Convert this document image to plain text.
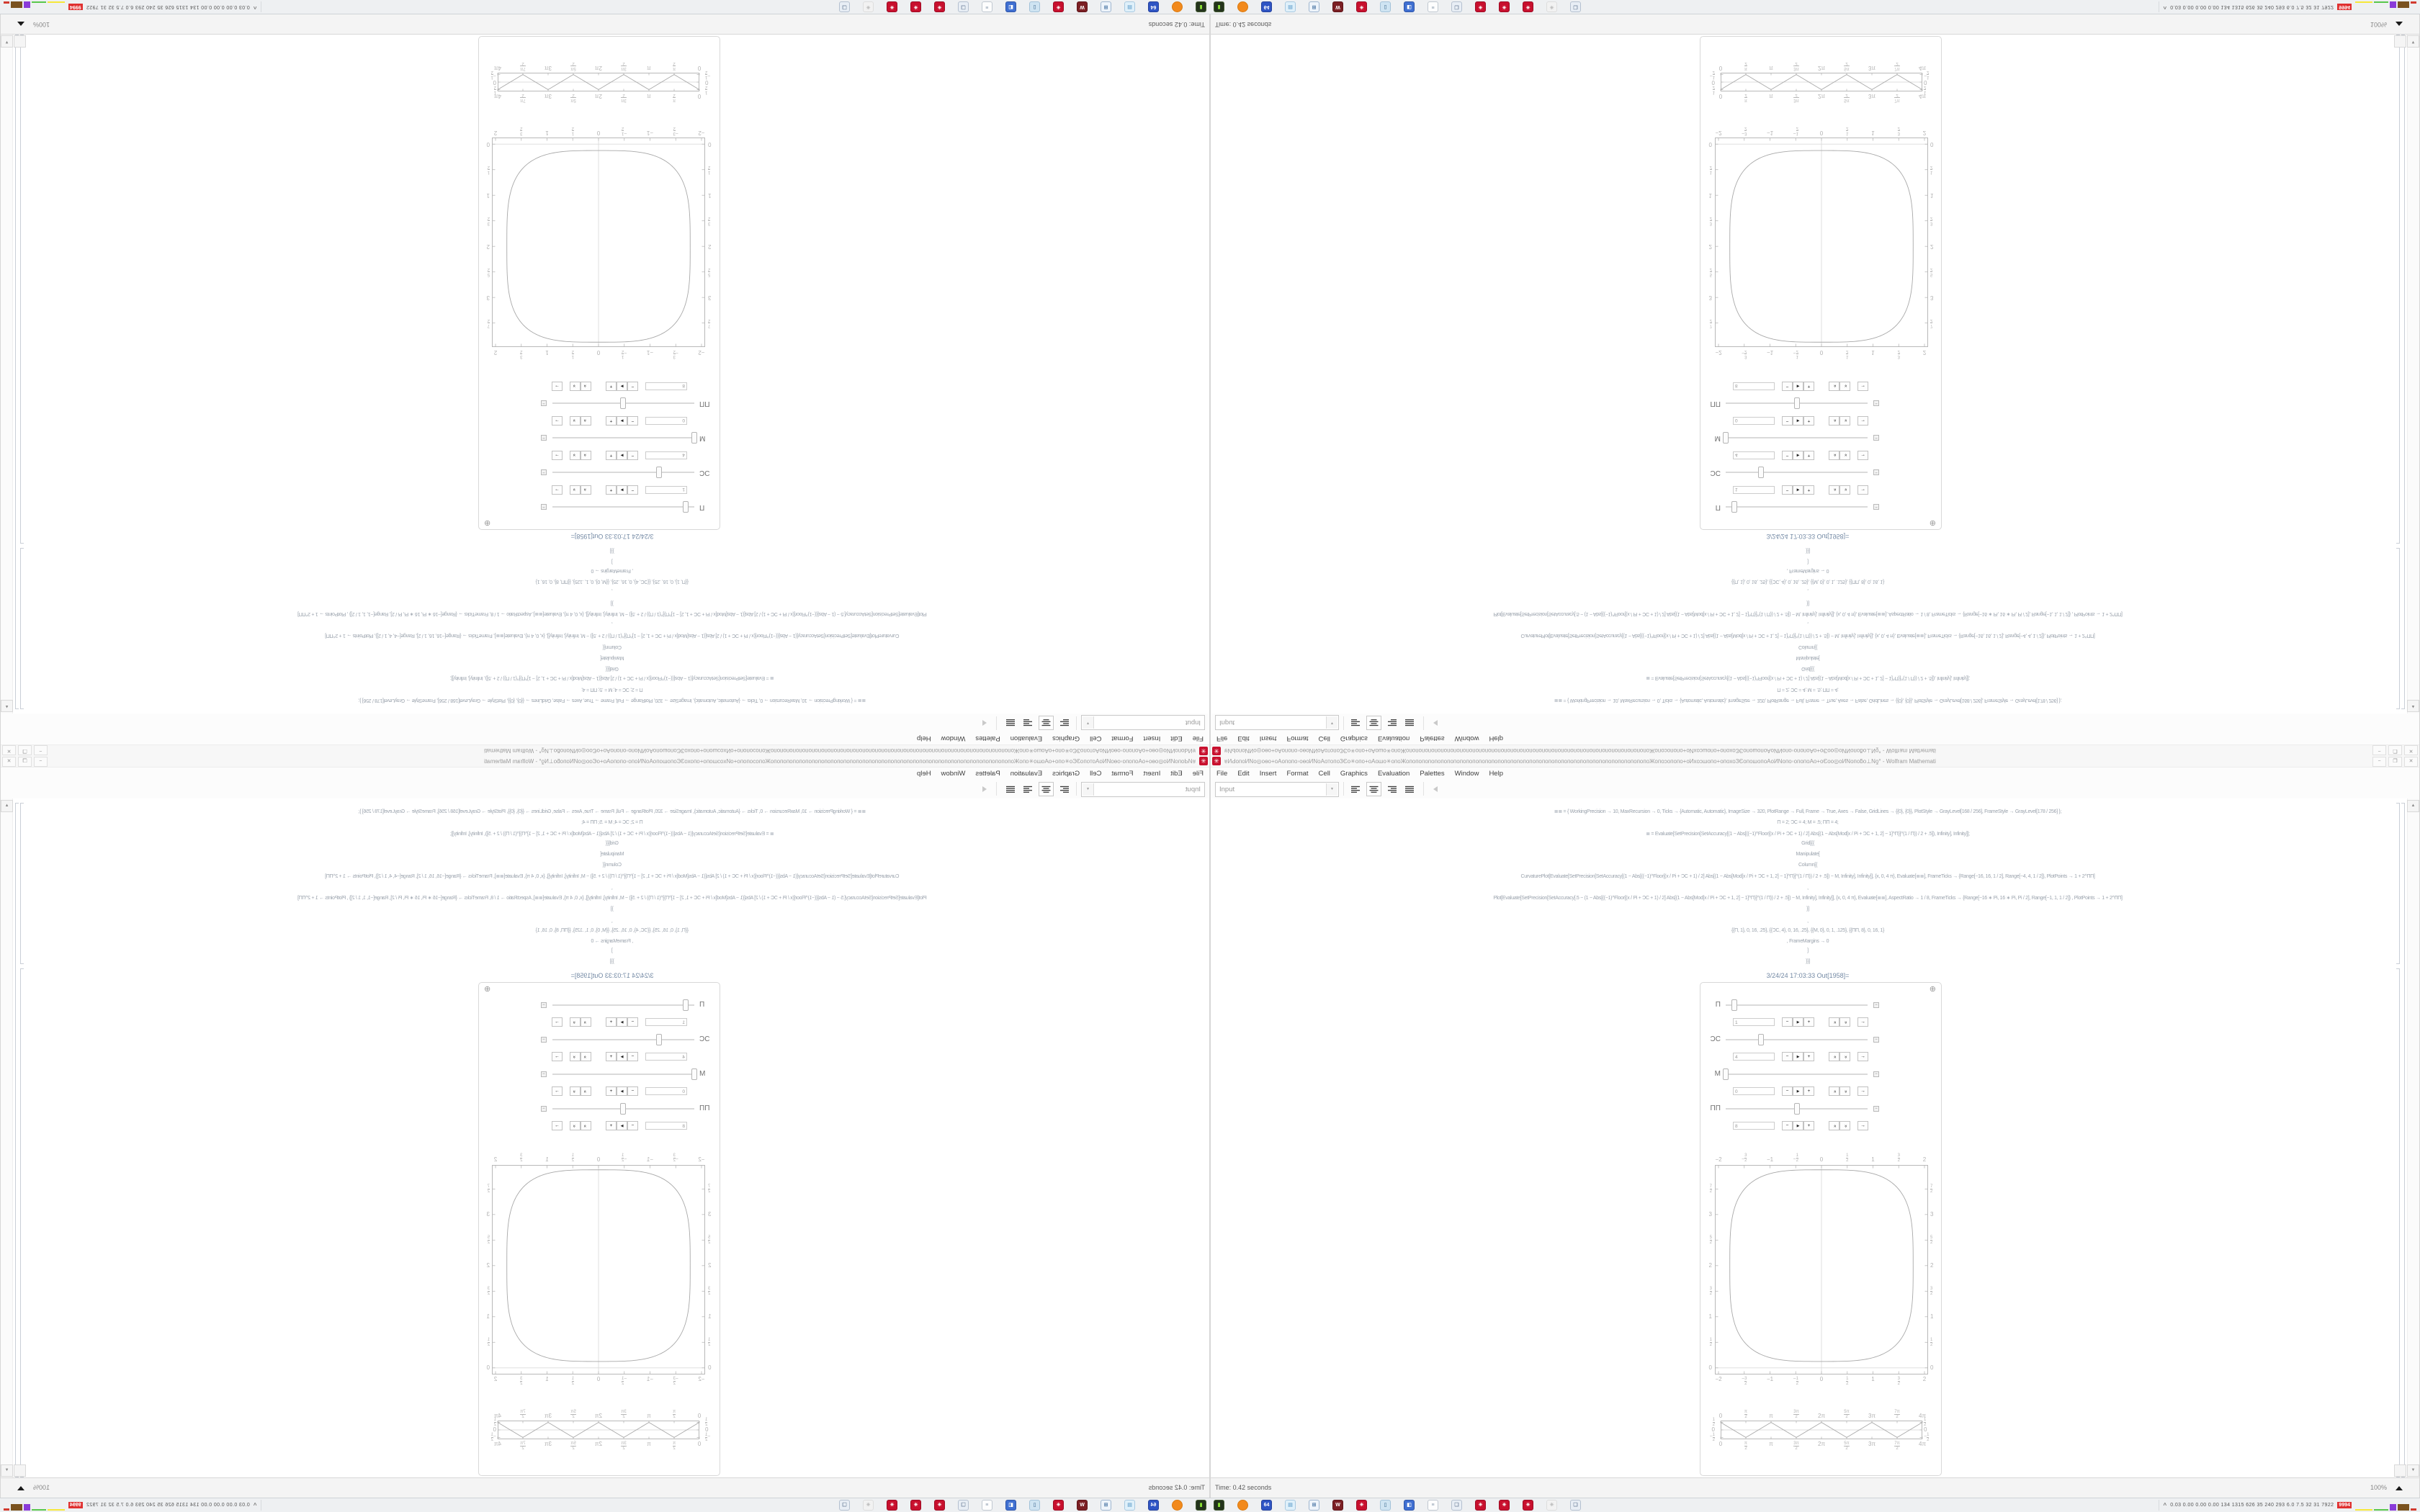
✳
ɐИԀопоИNо◎оѳо+оАопопо◦оѳоИNоАотопоЗЄо✳опо+оАошо✳опоЖопопопопопопопопопопопопопопопопопопопопопопопопопопопопопопопопопопопопопопоЖопоɔопопо+оИхоɔшопо+опохоЗЄопошопоАоИNопо◦опопоАо+оЄоо◎оИNопоƃо⊥Nƍ° - Wolfram Mathemati
−
❐
✕
File
Edit
Insert
Format
Cell
Graphics
Evaluation
Palettes
Window
Help
Input
▼
≣≣ = { WorkingPrecision → 10, MaxRecursion → 0, Ticks → {Automatic, Automatic}, ImageSize → 320, PlotRange → Full, Frame → True, Axes → False, GridLines → {{0}, {0}}, PlotStyle → GrayLevel[168 / 256], FrameStyle → GrayLevel[178 / 256] };
Π = 2; ƆC = 4; M = .5; ΠΠ = 4;
≣ = Evaluate[SetPrecision[SetAccuracy[(1 − Abs[((−1)^Floor[(x / Pi + ƆC + 1) / 2] Abs[(1 − Abs[Mod[x / Pi + ƆC + 1, 2] − 1]^Π)]^(1 / Π)) / 2 + .5]), Infinity], Infinity]];
Grid[{{
Manipulate[
Column[{
CurvaturePlot[Evaluate[SetPrecision[SetAccuracy[(1 − Abs[((−1)^Floor[(x / Pi + ƆC + 1) / 2] Abs[(1 − Abs[Mod[x / Pi + ƆC + 1, 2] − 1]^Π)]^(1 / Π)) / 2 + .5]) − M, Infinity], Infinity]], {x, 0, 4 π}, Evaluate[≣≣], FrameTicks → {Range[−16, 16, 1 / 2], Range[−4, 4, 1 / 2]}, PlotPoints → 1 + 2^ΠΠ]
,
Plot[Evaluate[SetPrecision[SetAccuracy[.5 − (1 − Abs[((−1)^Floor[(x / Pi + ƆC + 1) / 2] Abs[(1 − Abs[Mod[x / Pi + ƆC + 1, 2] − 1]^Π)]^(1 / Π)) / 2 + .5]) − M, Infinity], Infinity]], {x, 0, 4 π}, Evaluate[≣≣], AspectRatio → 1 / 8, FrameTicks → {Range[−16 ∗ Pi, 16 ∗ Pi, Pi / 2], Range[−1, 1, 1 / 2]} , PlotPoints → 1 + 2^ΠΠ]
}]
,
{{Π, 1}, 0, 16, .25}, {{ƆC, 4}, 0, 16, .25}, {{M, 0}, 0, 1, .125}, {{ΠΠ, 8}, 0, 16, 1}
, FrameMargins → 0
]
}}]
3/24/24 17:03:33 Out[1958]=
⊕
Π
−
1
−
▶
+
«
»
→
ƆC
−
4
−
▶
+
«
»
→
M
−
0
−
▶
+
«
»
→
ΠΠ
−
8
−
▶
+
«
»
→
−2
−2
−
3
2
−
3
2
−1
−1
−
1
2
−
1
2
0
0
1
2
1
2
1
1
3
2
3
2
2
2
0
0
1
2
1
2
1
1
3
2
3
2
2
2
5
2
5
2
3
3
7
2
7
2
0
0
π
2
π
2
π
π
3π
2
3π
2
2π
2π
5π
2
5π
2
3π
3π
7π
2
7π
2
4π
4π
1
2
1
2
0
0
−
1
2
−
1
2
▲
▼
Time: 0.42 seconds
100%
▮
64
▤
⊞
W
✳
▯
◧
≡
❏
✳
✳
✳
✳
❏
^
0.03 0.00 0.00 0.00 134 1315 626 35 240 293 6.0 7.5 32 31 7922
9994
✳ ɐИԀопоИNо◎оѳо+оАопопо◦оѳоИNоАотопоЗЄо✳опо+оАошо✳опоЖопопопопопопопопопопопопопопопопопопопопопопопопопопопопопопопопопопопопопопоЖопоɔопопо+оИхоɔшопо+опохоЗЄопошопоАоИNопо◦опопоАо+оЄоо◎оИNопоƃо⊥Nƍ° - Wolfram Mathemati	−	❐	✕
File Edit Insert Format Cell Graphics Evaluation Palettes Window Help
Input	▼
≣≣ = { WorkingPrecision → 10, MaxRecursion → 0, Ticks → {Automatic, Automatic}, ImageSize → 320, PlotRange → Full, Frame → True, Axes → False, GridLines → {{0}, {0}}, PlotStyle → GrayLevel[168 / 256], FrameStyle → GrayLevel[178 / 256] };
Π = 2; ƆC = 4; M = .5; ΠΠ = 4;
≣ = Evaluate[SetPrecision[SetAccuracy[(1 − Abs[((−1)^Floor[(x / Pi + ƆC + 1) / 2] Abs[(1 − Abs[Mod[x / Pi + ƆC + 1, 2] − 1]^Π)]^(1 / Π)) / 2 + .5]), Infinity], Infinity]];
Grid[{{
Manipulate[
Column[{
CurvaturePlot[Evaluate[SetPrecision[SetAccuracy[(1 − Abs[((−1)^Floor[(x / Pi + ƆC + 1) / 2] Abs[(1 − Abs[Mod[x / Pi + ƆC + 1, 2] − 1]^Π)]^(1 / Π)) / 2 + .5]) − M, Infinity], Infinity]], {x, 0, 4 π}, Evaluate[≣≣], FrameTicks → {Range[−16, 16, 1 / 2], Range[−4, 4, 1 / 2]}, PlotPoints → 1 + 2^ΠΠ]
,
Plot[Evaluate[SetPrecision[SetAccuracy[.5 − (1 − Abs[((−1)^Floor[(x / Pi + ƆC + 1) / 2] Abs[(1 − Abs[Mod[x / Pi + ƆC + 1, 2] − 1]^Π)]^(1 / Π)) / 2 + .5]) − M, Infinity], Infinity]], {x, 0, 4 π}, Evaluate[≣≣], AspectRatio → 1 / 8, FrameTicks → {Range[−16 ∗ Pi, 16 ∗ Pi, Pi / 2], Range[−1, 1, 1 / 2]} , PlotPoints → 1 + 2^ΠΠ]
}]
,
{{Π, 1}, 0, 16, .25}, {{ƆC, 4}, 0, 16, .25}, {{M, 0}, 0, 1, .125}, {{ΠΠ, 8}, 0, 16, 1}
, FrameMargins → 0
]
}}]
3/24/24 17:03:33 Out[1958]=
⊕
Π	−
1	−	▶	+	«	»	→
ƆC	−
4	−	▶	+	«	»	→
M	−
0	−	▶	+	«	»	→
ΠΠ	−
8	−	▶	+	«	»	→
−2
−2
−
3
2
− 3
2
−1
−1
−
1
2
− 1
2
0
0
1
2
1
2
1
1
3
2
3
2
2
2
0	0
1
2
1
2
1	1
3
2
3
2
2	2
5
2
5
2
3	3
7
2
7
2
0
0
π
2
π
2
π
π
3π
2
3π
2
2π
2π
5π
2
5π
2
3π
3π
7π
2
7π
2
4π
4π
1
2
1
2
0	0
− 1
2
− 1
2
▲
▼
Time: 0.42 seconds	100%
▮	64	▤	⊞	W	✳	▯	◧	≡	❏	✳	✳	✳	✳	❏	^ 0.03 0.00 0.00 0.00 134 1315 626 35 240 293 6.0 7.5 32 31 7922 9994
✳
ɐИԀопоИNо◎оѳо+оАопопо◦оѳоИNоАотопоЗЄо✳опо+оАошо✳опоЖопопопопопопопопопопопопопопопопопопопопопопопопопопопопопопопопопопопопопопоЖопоɔопопо+оИхоɔшопо+опохоЗЄопошопоАоИNопо◦опопоАо+оЄоо◎оИNопоƃо⊥Nƍ° - Wolfram Mathemati
−
❐
✕
File
Edit
Insert
Format
Cell
Graphics
Evaluation
Palettes
Window
Help
Input
▼
≣≣ = { WorkingPrecision → 10, MaxRecursion → 0, Ticks → {Automatic, Automatic}, ImageSize → 320, PlotRange → Full, Frame → True, Axes → False, GridLines → {{0}, {0}}, PlotStyle → GrayLevel[168 / 256], FrameStyle → GrayLevel[178 / 256] };
Π = 2; ƆC = 4; M = .5; ΠΠ = 4;
≣ = Evaluate[SetPrecision[SetAccuracy[(1 − Abs[((−1)^Floor[(x / Pi + ƆC + 1) / 2] Abs[(1 − Abs[Mod[x / Pi + ƆC + 1, 2] − 1]^Π)]^(1 / Π)) / 2 + .5]), Infinity], Infinity]];
Grid[{{
Manipulate[
Column[{
CurvaturePlot[Evaluate[SetPrecision[SetAccuracy[(1 − Abs[((−1)^Floor[(x / Pi + ƆC + 1) / 2] Abs[(1 − Abs[Mod[x / Pi + ƆC + 1, 2] − 1]^Π)]^(1 / Π)) / 2 + .5]) − M, Infinity], Infinity]], {x, 0, 4 π}, Evaluate[≣≣], FrameTicks → {Range[−16, 16, 1 / 2], Range[−4, 4, 1 / 2]}, PlotPoints → 1 + 2^ΠΠ]
,
Plot[Evaluate[SetPrecision[SetAccuracy[.5 − (1 − Abs[((−1)^Floor[(x / Pi + ƆC + 1) / 2] Abs[(1 − Abs[Mod[x / Pi + ƆC + 1, 2] − 1]^Π)]^(1 / Π)) / 2 + .5]) − M, Infinity], Infinity]], {x, 0, 4 π}, Evaluate[≣≣], AspectRatio → 1 / 8, FrameTicks → {Range[−16 ∗ Pi, 16 ∗ Pi, Pi / 2], Range[−1, 1, 1 / 2]} , PlotPoints → 1 + 2^ΠΠ]
}]
,
{{Π, 1}, 0, 16, .25}, {{ƆC, 4}, 0, 16, .25}, {{M, 0}, 0, 1, .125}, {{ΠΠ, 8}, 0, 16, 1}
, FrameMargins → 0
]
}}]
3/24/24 17:03:33 Out[1958]=
⊕
Π
−
1
−
▶
+
«
»
→
ƆC
−
4
−
▶
+
«
»
→
M
−
0
−
▶
+
«
»
→
ΠΠ
−
8
−
▶
+
«
»
→
−2
−2
−
$\frac{3}{2}$
−
$\frac{3}{2}$
−1
−1
−
$\frac{1}{2}$
−
$\frac{1}{2}$
0
0
1
2
1
2
1
1
3
2
3
2
2
2
0
0
1
2
1
2
1
1
3
2
3
2
2
2
5
2
5
2
3
3
7
2
7
2
0
0
π
2
π
2
π
π
3π
2
3π
2
2π
2π
5π
2
5π
2
3π
3π
7π
2
7π
2
4π
4π
1
2
1
2
0
0
−
$\frac{1}{2}$
−
$\frac{1}{2}$
▲
▼
Time: 0.42 seconds
100%
▮
64
▤
⊞
W
✳
▯
◧
≡
❏
✳
✳
✳
✳
❏
^
0.03 0.00 0.00 0.00 134 1315 626 35 240 293 6.0 7.5 32 31 7922
9994
✳ ɐИԀопоИNо◎оѳо+оАопопо◦оѳоИNоАотопоЗЄо✳опо+оАошо✳опоЖопопопопопопопопопопопопопопопопопопопопопопопопопопопопопопопопопопопопопопоЖопоɔопопо+оИхоɔшопо+опохоЗЄопошопоАоИNопо◦опопоАо+оЄоо◎оИNопоƃо⊥Nƍ° - Wolfram Mathemati	−	❐	✕
File Edit Insert Format Cell Graphics Evaluation Palettes Window Help
Input	▼
≣≣ = { WorkingPrecision → 10, MaxRecursion → 0, Ticks → {Automatic, Automatic}, ImageSize → 320, PlotRange → Full, Frame → True, Axes → False, GridLines → {{0}, {0}}, PlotStyle → GrayLevel[168 / 256], FrameStyle → GrayLevel[178 / 256] };
Π = 2; ƆC = 4; M = .5; ΠΠ = 4;
≣ = Evaluate[SetPrecision[SetAccuracy[(1 − Abs[((−1)^Floor[(x / Pi + ƆC + 1) / 2] Abs[(1 − Abs[Mod[x / Pi + ƆC + 1, 2] − 1]^Π)]^(1 / Π)) / 2 + .5]), Infinity], Infinity]];
Grid[{{
Manipulate[
Column[{
CurvaturePlot[Evaluate[SetPrecision[SetAccuracy[(1 − Abs[((−1)^Floor[(x / Pi + ƆC + 1) / 2] Abs[(1 − Abs[Mod[x / Pi + ƆC + 1, 2] − 1]^Π)]^(1 / Π)) / 2 + .5]) − M, Infinity], Infinity]], {x, 0, 4 π}, Evaluate[≣≣], FrameTicks → {Range[−16, 16, 1 / 2], Range[−4, 4, 1 / 2]}, PlotPoints → 1 + 2^ΠΠ]
,
Plot[Evaluate[SetPrecision[SetAccuracy[.5 − (1 − Abs[((−1)^Floor[(x / Pi + ƆC + 1) / 2] Abs[(1 − Abs[Mod[x / Pi + ƆC + 1, 2] − 1]^Π)]^(1 / Π)) / 2 + .5]) − M, Infinity], Infinity]], {x, 0, 4 π}, Evaluate[≣≣], AspectRatio → 1 / 8, FrameTicks → {Range[−16 ∗ Pi, 16 ∗ Pi, Pi / 2], Range[−1, 1, 1 / 2]} , PlotPoints → 1 + 2^ΠΠ]
}]
,
{{Π, 1}, 0, 16, .25}, {{ƆC, 4}, 0, 16, .25}, {{M, 0}, 0, 1, .125}, {{ΠΠ, 8}, 0, 16, 1}
, FrameMargins → 0
]
}}]
3/24/24 17:03:33 Out[1958]=
⊕
Π	−
1	−	▶	+	«	»	→
ƆC	−
4	−	▶	+	«	»	→
M	−
0	−	▶	+	«	»	→
ΠΠ	−
8	−	▶	+	«	»	→
−2
−2
− $\frac{3}{2}$
− $\frac{3}{2}$
−1
−1
− $\frac{1}{2}$
− $\frac{1}{2}$
0
0
1
2
1
2
1
1
3
2
3
2
2
2
0	0
1
2
1
2
1	1
3
2
3
2
2	2
5
2
5
2
3	3
7
2
7
2
0
0
π
2
π
2
π
π
3π
2
3π
2
2π
2π
5π
2
5π
2
3π
3π
7π
2
7π
2
4π
4π
1
2
1
2
0	0
− $\frac{1}{2}$	− $\frac{1}{2}$
▲
▼
Time: 0.42 seconds	100%
▮	64	▤	⊞	W	✳	▯	◧	≡	❏	✳	✳	✳	✳	❏	^ 0.03 0.00 0.00 0.00 134 1315 626 35 240 293 6.0 7.5 32 31 7922 9994
